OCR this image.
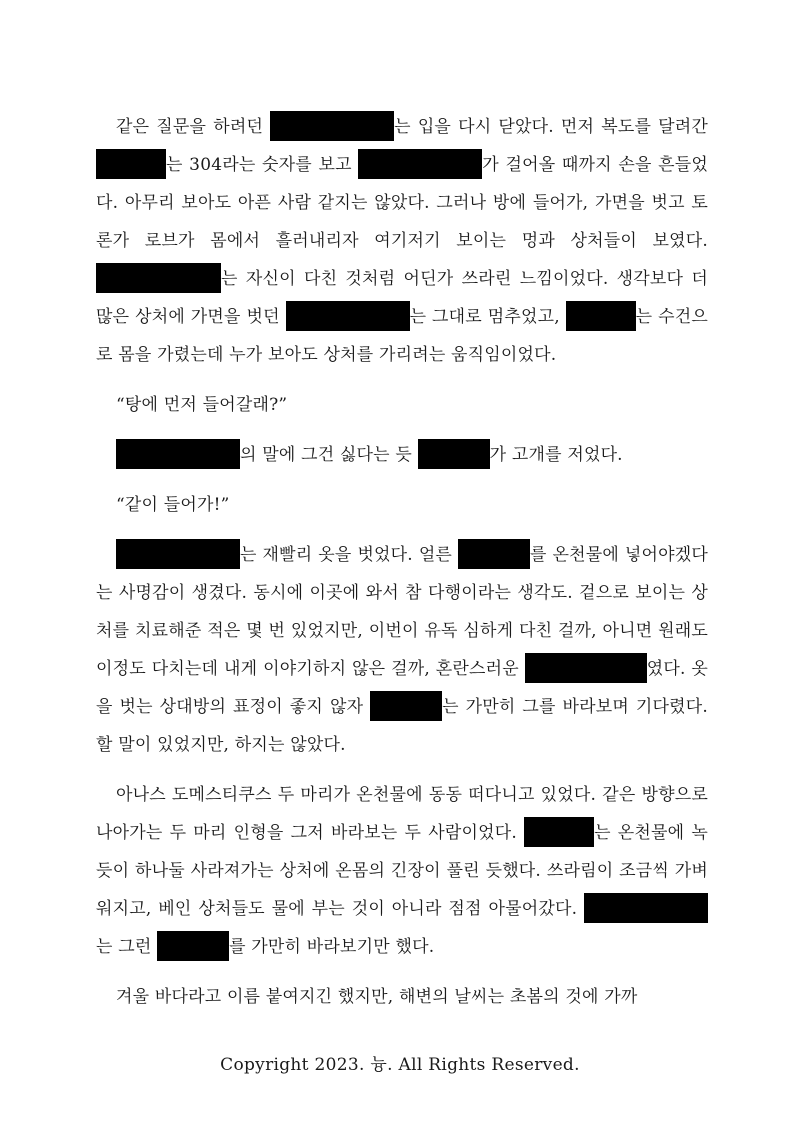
같은 질문을 하려던	는 입을 다시 닫았다. 먼저 복도를 달려간 는 304라는 숫자를 보고	가 걸어올 때까지 손을 흔들었다. 아무리 보아도 아픈 사람 같지는 않았다. 그러나 방에 들어가, 가면을 벗고 토론가 로브가 몸에서 흘러내리자 여기저기 보이는 멍과 상처들이 보였다. 는 자신이 다친 것처럼 어딘가 쓰라린 느낌이었다. 생각보다 더 많은 상처에 가면을 벗던	는 그대로 멈추었고,	는 수건으로 몸을 가렸는데 누가 보아도 상처를 가리려는 움직임이었다.

“탕에 먼저 들어갈래?”

의 말에 그건 싫다는 듯	가 고개를 저었다.

“같이 들어가!”

는 재빨리 옷을 벗었다. 얼른	를 온천물에 넣어야겠다는 사명감이 생겼다. 동시에 이곳에 와서 참 다행이라는 생각도. 겉으로 보이는 상처를 치료해준 적은 몇 번 있었지만, 이번이 유독 심하게 다친 걸까, 아니면 원래도 이정도 다치는데 내게 이야기하지 않은 걸까, 혼란스러운	였다. 옷을 벗는 상대방의 표정이 좋지 않자	는 가만히 그를 바라보며 기다렸다. 할 말이 있었지만, 하지는 않았다.

아나스 도메스티쿠스 두 마리가 온천물에 동동 떠다니고 있었다. 같은 방향으로 나아가는 두 마리 인형을 그저 바라보는 두 사람이었다.	는 온천물에 녹듯이 하나둘 사라져가는 상처에 온몸의 긴장이 풀린 듯했다. 쓰라림이 조금씩 가벼워지고, 베인 상처들도 물에 부는 것이 아니라 점점 아물어갔다. 는 그런	를 가만히 바라보기만 했다.

겨울 바다라고 이름 붙여지긴 했지만, 해변의 날씨는 초봄의 것에 가까

Copyright 2023. 늉. All Rights Reserved.
